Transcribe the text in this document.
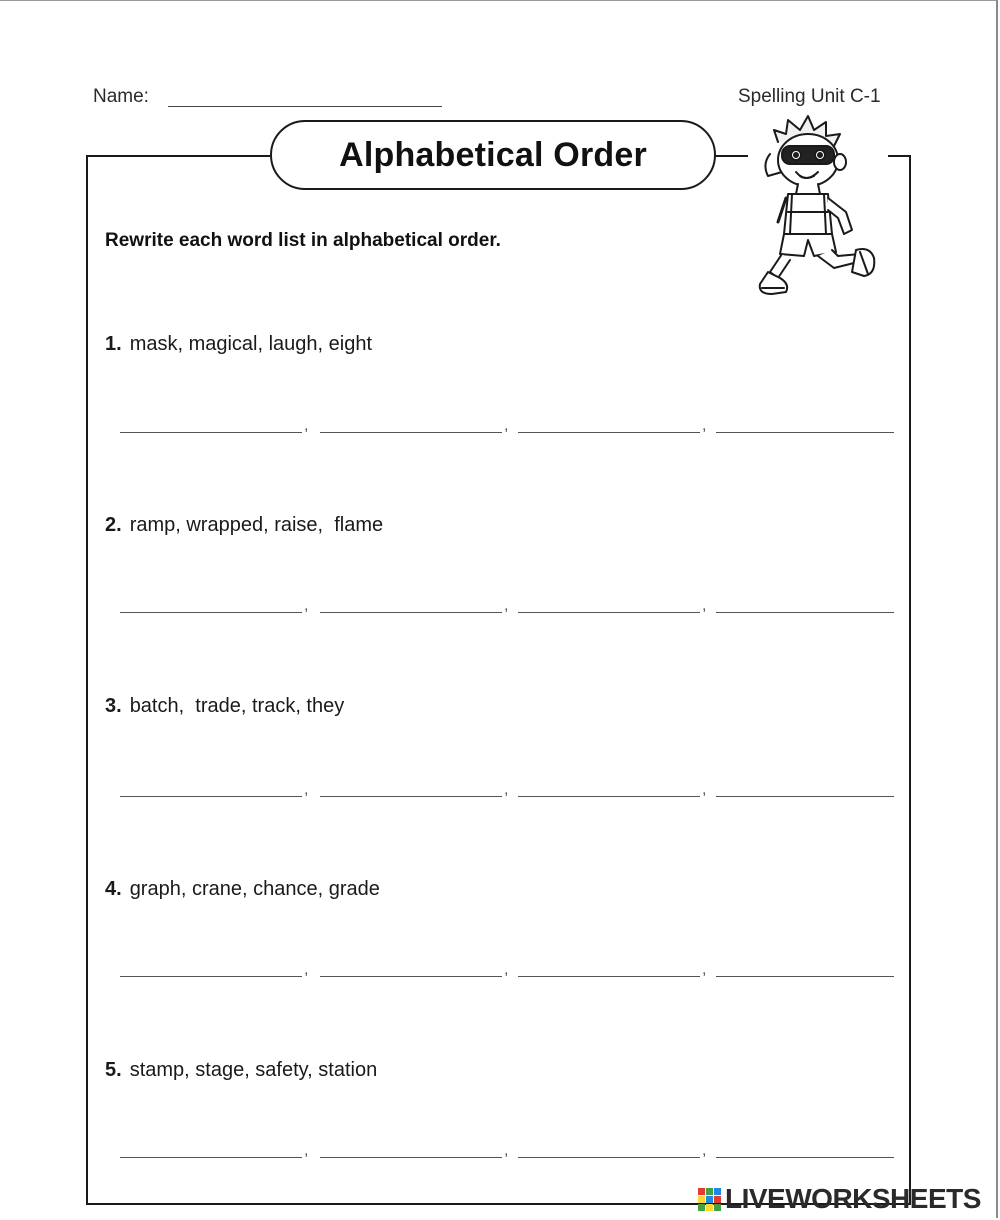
Name:	Spelling Unit C-1
Alphabetical Order
Rewrite each word list in alphabetical order.
1. mask, magical, laugh, eight
,	,	,
2. ramp, wrapped, raise,  flame
,	,	,
3. batch,  trade, track, they
,	,	,
4. graph, crane, chance, grade
,	,	,
5. stamp, stage, safety, station
,	,	,
LIVEWORKSHEETS
